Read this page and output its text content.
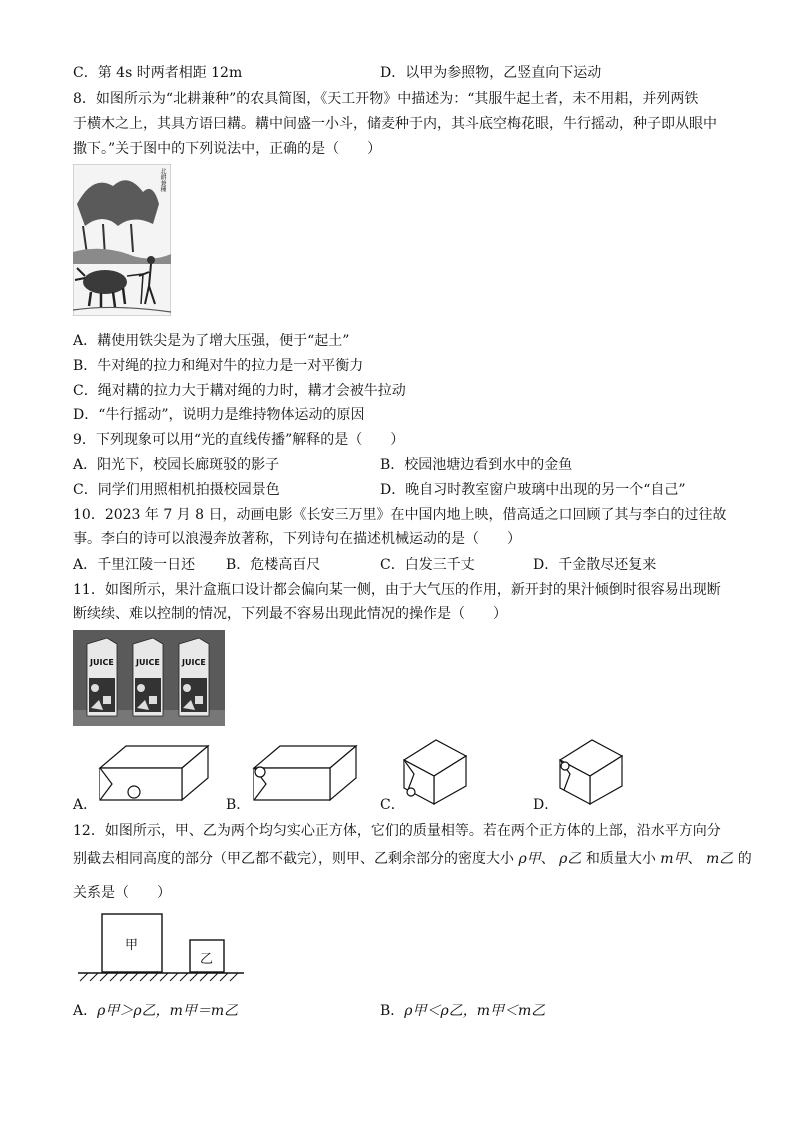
C．第 4s 时两者相距 12m	D．以甲为参照物，乙竖直向下运动
8．如图所示为“北耕兼种”的农具简图，《天工开物》中描述为：“其服牛起土者，未不用耜，并列两铁
于横木之上，其具方语曰耩。耩中间盛一小斗，储麦种于内，其斗底空梅花眼，牛行摇动，种子即从眼中
撒下。”关于图中的下列说法中，正确的是（　　）
北耕兼種
A．耩使用铁尖是为了增大压强，便于“起土”
B．牛对绳的拉力和绳对牛的拉力是一对平衡力
C．绳对耩的拉力大于耩对绳的力时，耩才会被牛拉动
D．“牛行摇动”，说明力是维持物体运动的原因
9．下列现象可以用“光的直线传播”解释的是（　　）
A．阳光下，校园长廊斑驳的影子	B．校园池塘边看到水中的金鱼
C．同学们用照相机拍摄校园景色	D．晚自习时教室窗户玻璃中出现的另一个“自己”
10．2023 年 7 月 8 日，动画电影《长安三万里》在中国内地上映，借高适之口回顾了其与李白的过往故
事。李白的诗可以浪漫奔放著称，下列诗句在描述机械运动的是（　　）
A．千里江陵一日还 B．危楼高百尺	C．白发三千丈	D．千金散尽还复来
11．如图所示，果汁盒瓶口设计都会偏向某一侧，由于大气压的作用，新开封的果汁倾倒时很容易出现断
断续续、难以控制的情况，下列最不容易出现此情况的操作是（　　）
JUICE	JUICE	JUICE
A．	B．	C．	D．
12．如图所示，甲、乙为两个均匀实心正方体，它们的质量相等。若在两个正方体的上部，沿水平方向分
别截去相同高度的部分（甲乙都不截完），则甲、乙剩余部分的密度大小 ρ甲、 ρ乙 和质量大小 m甲、 m乙 的
关系是（　　）
甲
乙
A．ρ甲＞ρ乙，m甲＝m乙	B．ρ甲＜ρ乙，m甲＜m乙
